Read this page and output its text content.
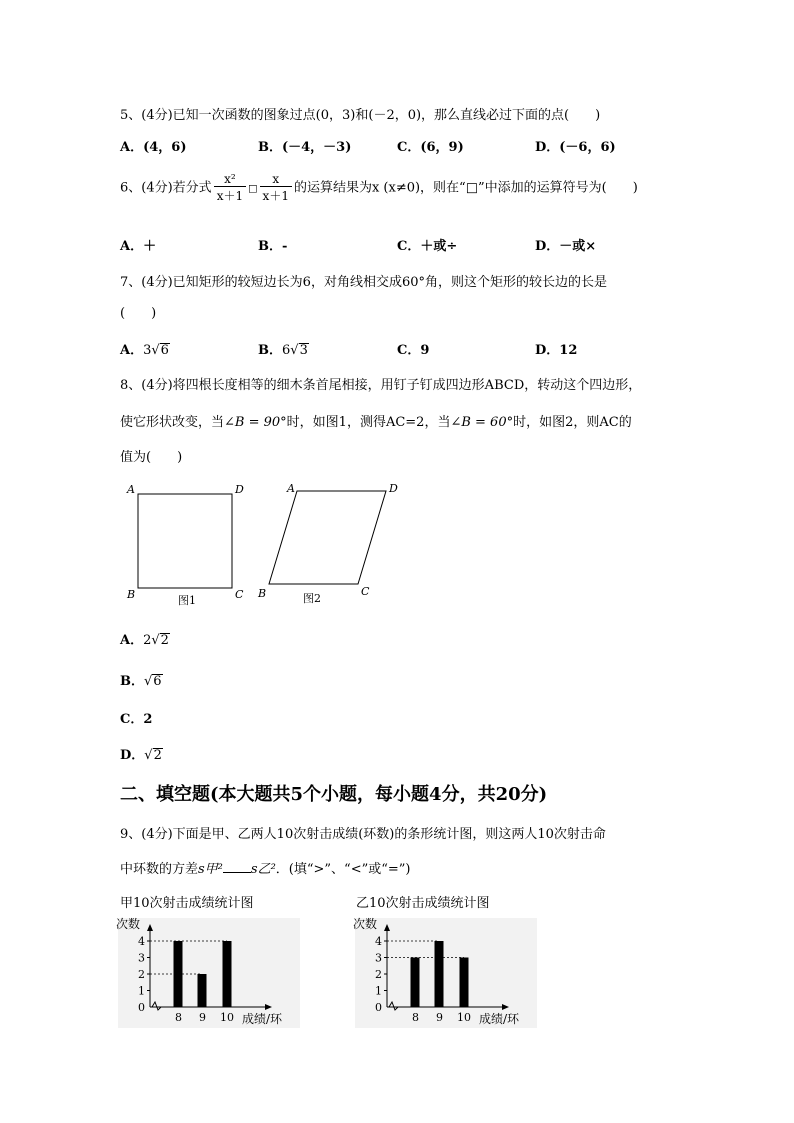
5、(4分)已知一次函数的图象过点(0，3)和(－2，0)，那么直线必过下面的点(　　)
A．(4，6)	B．(－4，－3)	C．(6，9)	D．(－6，6)
6、(4分)若分式 $\frac{\text{x²}}{x+1}$ □ $\frac{x}{x+1}$ 的运算结果为x (x≠0)，则在“□”中添加的运算符号为(　　)
A．＋	B．-	C．＋或÷	D．－或×
7、(4分)已知矩形的较短边长为6，对角线相交成60°角，则这个矩形的较长边的长是
(　　)
A．3√6	B．6√3	C．9	D．12
8、(4分)将四根长度相等的细木条首尾相接，用钉子钉成四边形ABCD，转动这个四边形，
使它形状改变，当∠B = 90°时，如图1，测得AC=2，当∠B = 60°时，如图2，则AC的
值为(　　)
A	D
B	C
图1
A	D
B	C
图2
A．2√2
B．√6
C．2
D．√2
二、填空题(本大题共5个小题，每小题4分，共20分)
9、(4分)下面是甲、乙两人10次射击成绩(环数)的条形统计图，则这两人10次射击命
中环数的方差s甲² s乙²．(填“>”、“<”或“=”)
甲10次射击成绩统计图	乙10次射击成绩统计图
次数
0
1
2
3
4
8 9 10 成绩/环
次数
0
1
2
3
4
8 9 10 成绩/环
